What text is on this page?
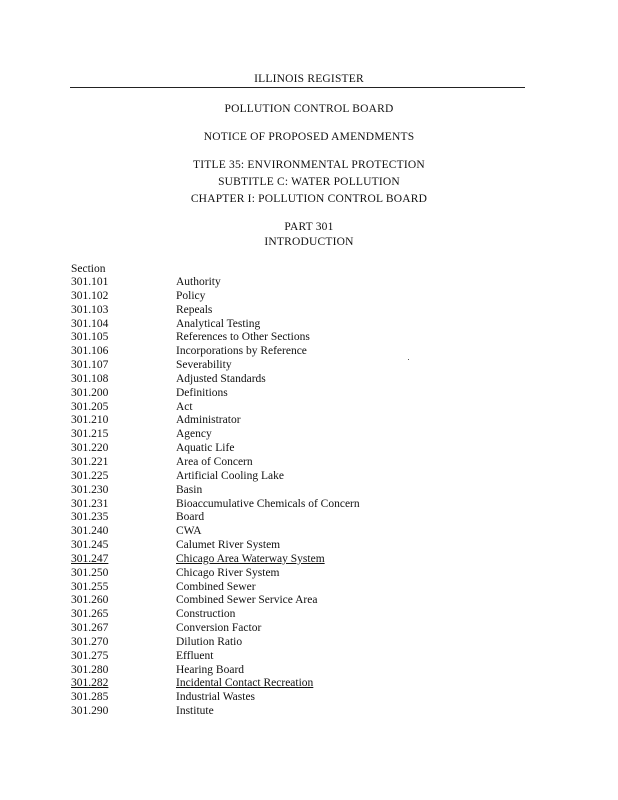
ILLINOIS REGISTER
POLLUTION CONTROL BOARD
NOTICE OF PROPOSED AMENDMENTS
TITLE 35: ENVIRONMENTAL PROTECTION
SUBTITLE C: WATER POLLUTION
CHAPTER I: POLLUTION CONTROL BOARD
PART 301
INTRODUCTION
Section
301.101	Authority
301.102	Policy
301.103	Repeals
301.104	Analytical Testing
301.105	References to Other Sections
301.106	Incorporations by Reference
301.107	Severability
301.108	Adjusted Standards
301.200	Definitions
301.205	Act
301.210	Administrator
301.215	Agency
301.220	Aquatic Life
301.221	Area of Concern
301.225	Artificial Cooling Lake
301.230	Basin
301.231	Bioaccumulative Chemicals of Concern
301.235	Board
301.240	CWA
301.245	Calumet River System
301.247	Chicago Area Waterway System
301.250	Chicago River System
301.255	Combined Sewer
301.260	Combined Sewer Service Area
301.265	Construction
301.267	Conversion Factor
301.270	Dilution Ratio
301.275	Effluent
301.280	Hearing Board
301.282	Incidental Contact Recreation
301.285	Industrial Wastes
301.290	Institute
